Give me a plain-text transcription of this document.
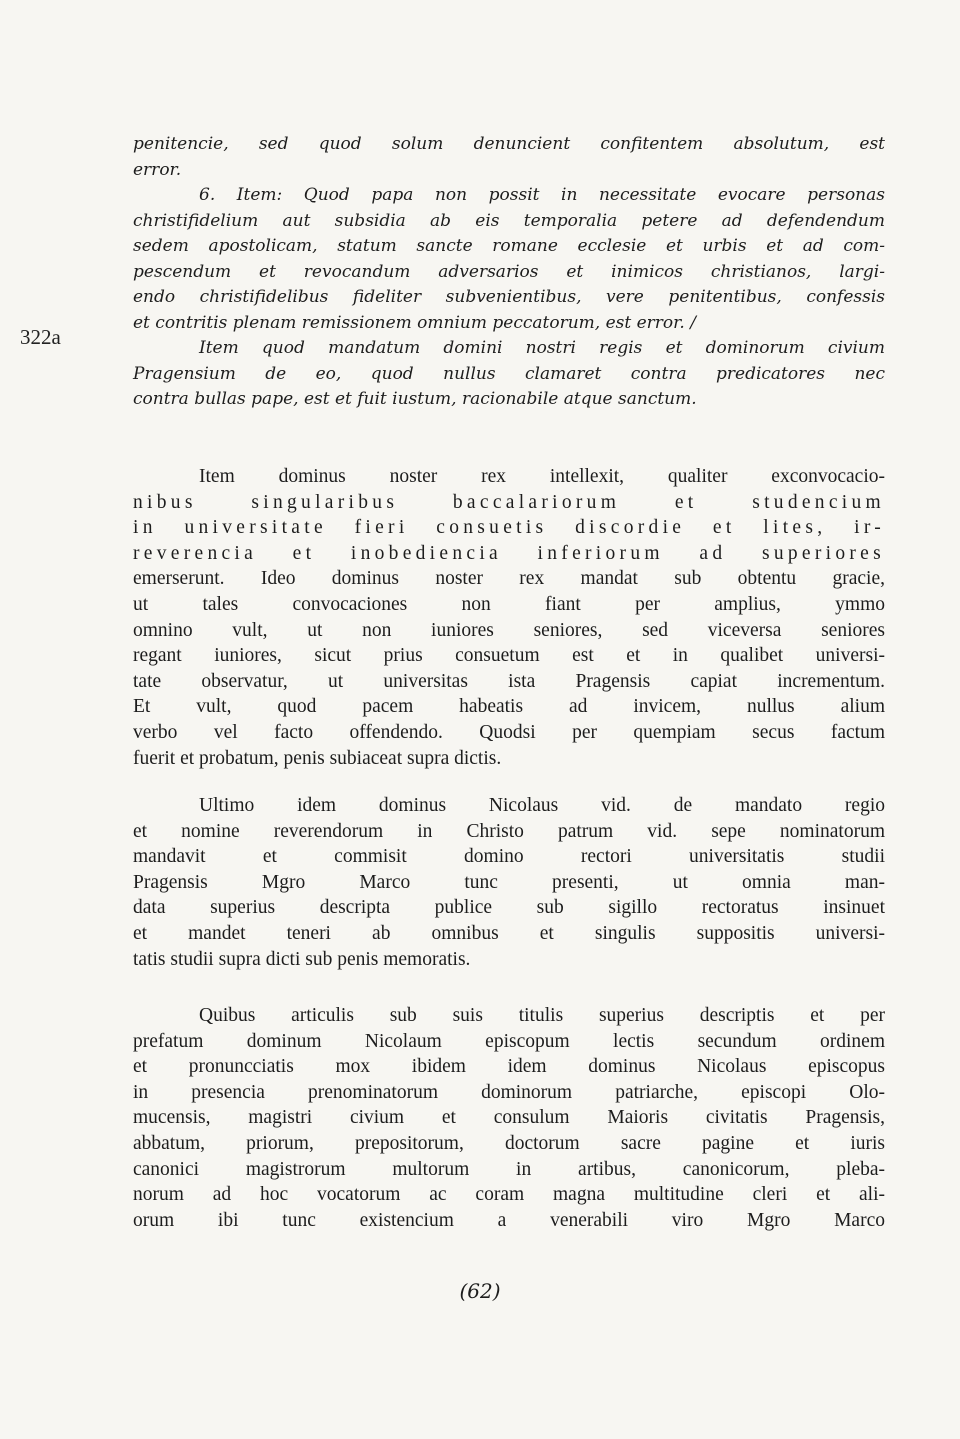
322a
penitencie, sed quod solum denuncient confitentem absolutum, est
error.
6. Item: Quod papa non possit in necessitate evocare personas
christifidelium aut subsidia ab eis temporalia petere ad defendendum
sedem apostolicam, statum sancte romane ecclesie et urbis et ad com-
pescendum et revocandum adversarios et inimicos christianos, largi-
endo christifidelibus fideliter subvenientibus, vere penitentibus, confessis
et contritis plenam remissionem omnium peccatorum, est error. /
Item quod mandatum domini nostri regis et dominorum civium
Pragensium de eo, quod nullus clamaret contra predicatores nec
contra bullas pape, est et fuit iustum, racionabile atque sanctum.
Item dominus noster rex intellexit, qualiter exconvocacio-
nibus singularibus baccalariorum et studencium
in universitate fieri consuetis discordie et lites, ir-
reverencia et inobediencia inferiorum ad superiores
emerserunt. Ideo dominus noster rex mandat sub obtentu gracie,
ut tales convocaciones non fiant per amplius, ymmo
omnino vult, ut non iuniores seniores, sed viceversa seniores
regant iuniores, sicut prius consuetum est et in qualibet universi-
tate observatur, ut universitas ista Pragensis capiat incrementum.
Et vult, quod pacem habeatis ad invicem, nullus alium
verbo vel facto offendendo. Quodsi per quempiam secus factum
fuerit et probatum, penis subiaceat supra dictis.
Ultimo idem dominus Nicolaus vid. de mandato regio
et nomine reverendorum in Christo patrum vid. sepe nominatorum
mandavit et commisit domino rectori universitatis studii
Pragensis Mgro Marco tunc presenti, ut omnia man-
data superius descripta publice sub sigillo rectoratus insinuet
et mandet teneri ab omnibus et singulis suppositis universi-
tatis studii supra dicti sub penis memoratis.
Quibus articulis sub suis titulis superius descriptis et per
prefatum dominum Nicolaum episcopum lectis secundum ordinem
et pronuncciatis mox ibidem idem dominus Nicolaus episcopus
in presencia prenominatorum dominorum patriarche, episcopi Olo-
mucensis, magistri civium et consulum Maioris civitatis Pragensis,
abbatum, priorum, prepositorum, doctorum sacre pagine et iuris
canonici magistrorum multorum in artibus, canonicorum, pleba-
norum ad hoc vocatorum ac coram magna multitudine cleri et ali-
orum ibi tunc existencium a venerabili viro Mgro Marco
(62)
